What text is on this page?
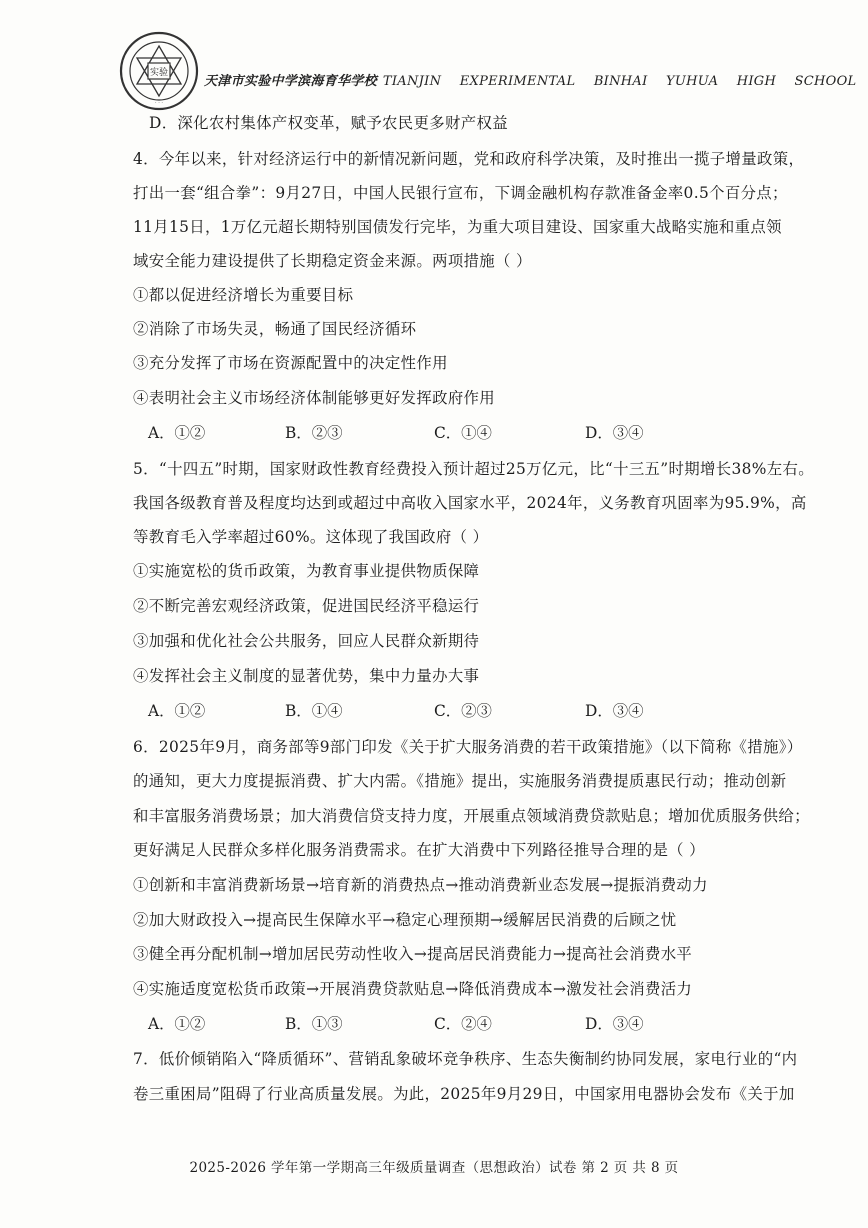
实验
· · ·
天津市实验中学滨海育华学校 TIANJIN EXPERIMENTAL BINHAI YUHUA HIGH SCHOOL
D．深化农村集体产权变革，赋予农民更多财产权益
4．今年以来，针对经济运行中的新情况新问题，党和政府科学决策，及时推出一揽子增量政策，
打出一套“组合拳”：9月27日，中国人民银行宣布，下调金融机构存款准备金率0.5个百分点；
11月15日，1万亿元超长期特别国债发行完毕，为重大项目建设、国家重大战略实施和重点领
域安全能力建设提供了长期稳定资金来源。两项措施（ ）
①都以促进经济增长为重要目标
②消除了市场失灵，畅通了国民经济循环
③充分发挥了市场在资源配置中的决定性作用
④表明社会主义市场经济体制能够更好发挥政府作用
A．①②	B．②③	C．①④	D．③④
5．“十四五”时期，国家财政性教育经费投入预计超过25万亿元，比“十三五”时期增长38%左右。
我国各级教育普及程度均达到或超过中高收入国家水平，2024年，义务教育巩固率为95.9%，高
等教育毛入学率超过60%。这体现了我国政府（ ）
①实施宽松的货币政策，为教育事业提供物质保障
②不断完善宏观经济政策，促进国民经济平稳运行
③加强和优化社会公共服务，回应人民群众新期待
④发挥社会主义制度的显著优势，集中力量办大事
A．①②	B．①④	C．②③	D．③④
6．2025年9月，商务部等9部门印发《关于扩大服务消费的若干政策措施》（以下简称《措施》）
的通知，更大力度提振消费、扩大内需。《措施》提出，实施服务消费提质惠民行动；推动创新
和丰富服务消费场景；加大消费信贷支持力度，开展重点领域消费贷款贴息；增加优质服务供给；
更好满足人民群众多样化服务消费需求。在扩大消费中下列路径推导合理的是（ ）
①创新和丰富消费新场景→培育新的消费热点→推动消费新业态发展→提振消费动力
②加大财政投入→提高民生保障水平→稳定心理预期→缓解居民消费的后顾之忧
③健全再分配机制→增加居民劳动性收入→提高居民消费能力→提高社会消费水平
④实施适度宽松货币政策→开展消费贷款贴息→降低消费成本→激发社会消费活力
A．①②	B．①③	C．②④	D．③④
7．低价倾销陷入“降质循环”、营销乱象破坏竞争秩序、生态失衡制约协同发展，家电行业的“内
卷三重困局”阻碍了行业高质量发展。为此，2025年9月29日，中国家用电器协会发布《关于加
2025-2026 学年第一学期高三年级质量调查（思想政治）试卷 第 2 页 共 8 页
